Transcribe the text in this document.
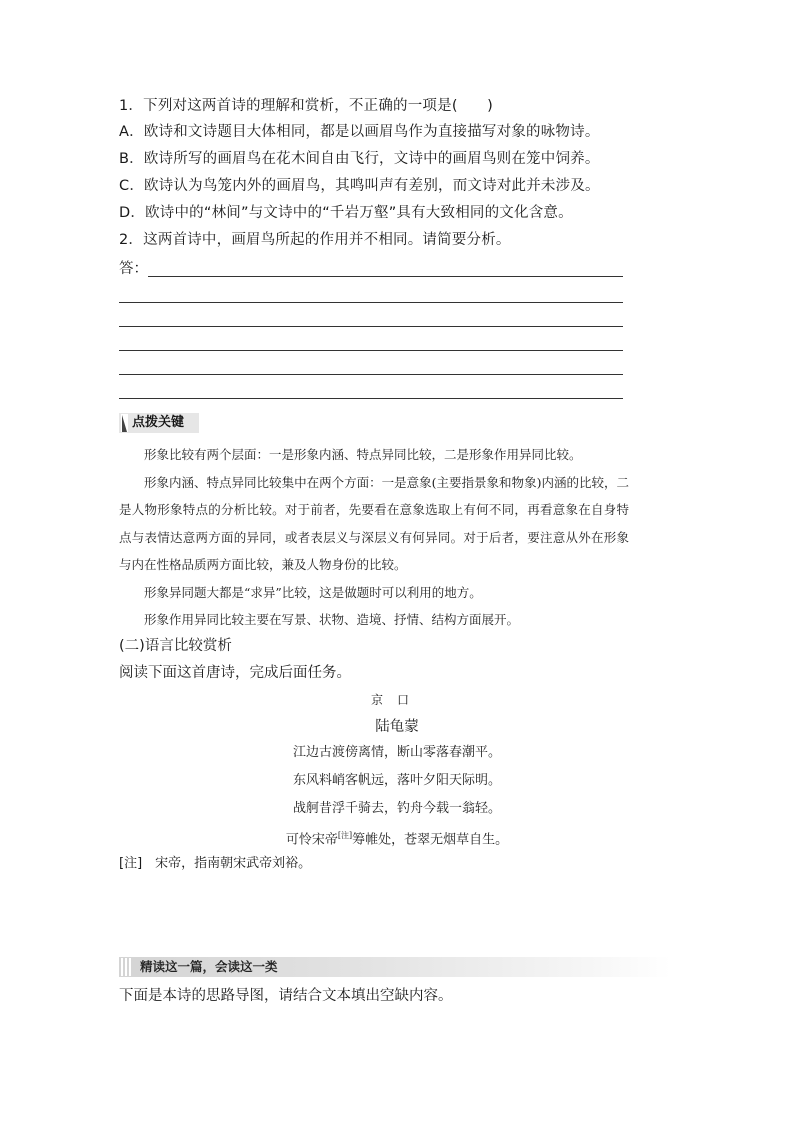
1．下列对这两首诗的理解和赏析，不正确的一项是(　　)
A．欧诗和文诗题目大体相同，都是以画眉鸟作为直接描写对象的咏物诗。
B．欧诗所写的画眉鸟在花木间自由飞行，文诗中的画眉鸟则在笼中饲养。
C．欧诗认为鸟笼内外的画眉鸟，其鸣叫声有差别，而文诗对此并未涉及。
D．欧诗中的“林间”与文诗中的“千岩万壑”具有大致相同的文化含意。
2．这两首诗中，画眉鸟所起的作用并不相同。请简要分析。
答：
点拨关键

形象比较有两个层面：一是形象内涵、特点异同比较，二是形象作用异同比较。

形象内涵、特点异同比较集中在两个方面：一是意象(主要指景象和物象)内涵的比较，二是人物形象特点的分析比较。对于前者，先要看在意象选取上有何不同，再看意象在自身特点与表情达意两方面的异同，或者表层义与深层义有何异同。对于后者，要注意从外在形象与内在性格品质两方面比较，兼及人物身份的比较。

形象异同题大都是“求异”比较，这是做题时可以利用的地方。

形象作用异同比较主要在写景、状物、造境、抒情、结构方面展开。

(二)语言比较赏析
阅读下面这首唐诗，完成后面任务。
京口
陆龟蒙
江边古渡傍离情，断山零落春潮平。
东风料峭客帆远，落叶夕阳天际明。
战舸昔浮千骑去，钓舟今载一翁轻。
可怜宋帝[注]筹帷处，苍翠无烟草自生。
[注]　宋帝，指南朝宋武帝刘裕。
精读这一篇，会读这一类
下面是本诗的思路导图，请结合文本填出空缺内容。
